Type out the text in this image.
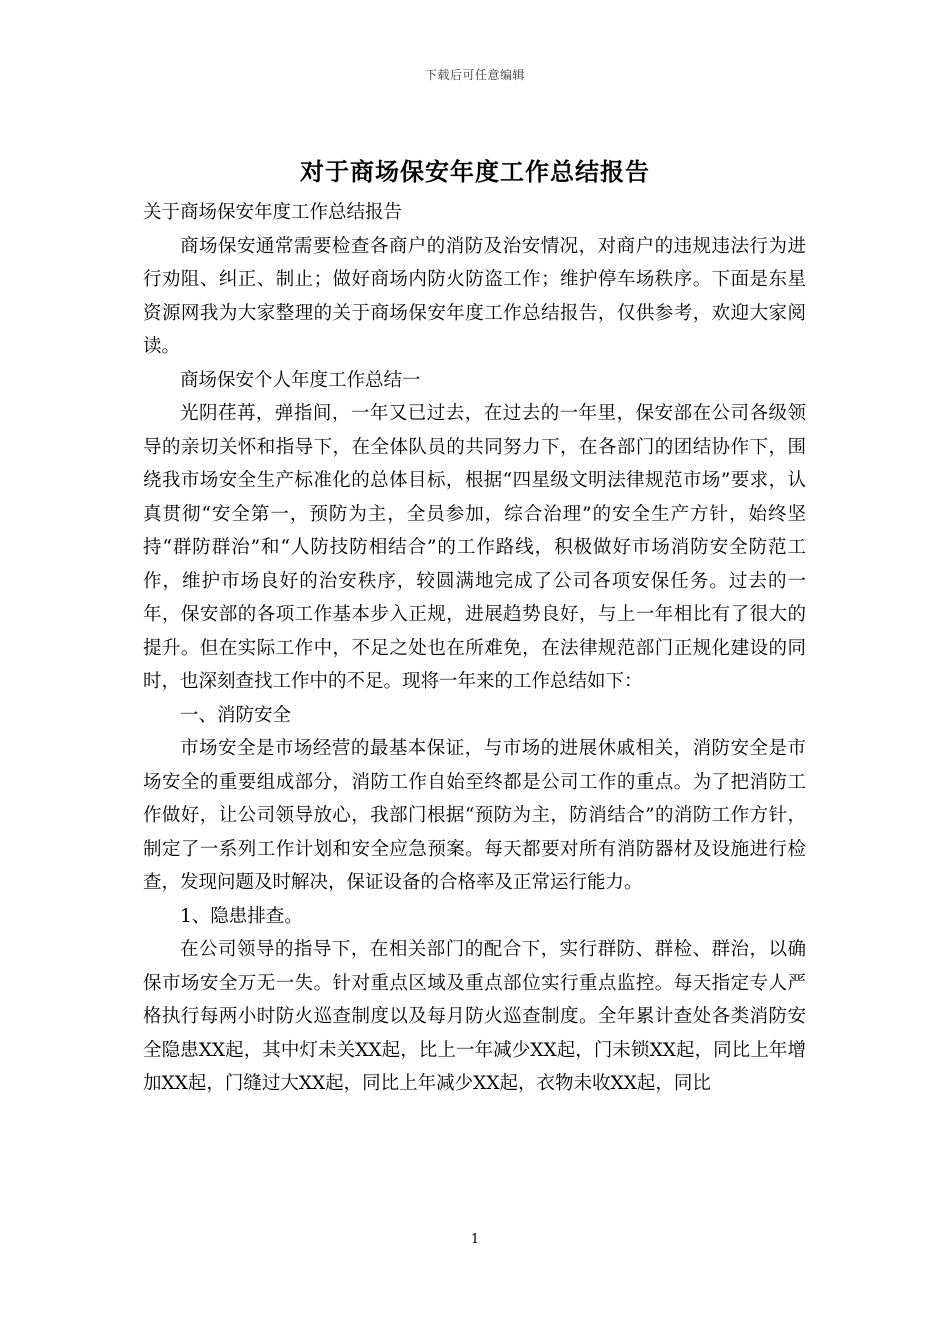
下载后可任意编辑
对于商场保安年度工作总结报告

关于商场保安年度工作总结报告

商场保安通常需要检查各商户的消防及治安情况，对商户的违规违法行为进行劝阻、纠正、制止；做好商场内防火防盗工作；维护停车场秩序。下面是东星资源网我为大家整理的关于商场保安年度工作总结报告，仅供参考，欢迎大家阅读。

商场保安个人年度工作总结一

光阴荏苒，弹指间，一年又已过去，在过去的一年里，保安部在公司各级领导的亲切关怀和指导下，在全体队员的共同努力下，在各部门的团结协作下，围绕我市场安全生产标准化的总体目标，根据“四星级文明法律规范市场”要求，认真贯彻“安全第一，预防为主，全员参加，综合治理”的安全生产方针，始终坚持“群防群治”和“人防技防相结合”的工作路线，积极做好市场消防安全防范工作，维护市场良好的治安秩序，较圆满地完成了公司各项安保任务。过去的一年，保安部的各项工作基本步入正规，进展趋势良好，与上一年相比有了很大的提升。但在实际工作中，不足之处也在所难免，在法律规范部门正规化建设的同时，也深刻查找工作中的不足。现将一年来的工作总结如下：

一、消防安全

市场安全是市场经营的最基本保证，与市场的进展休戚相关，消防安全是市场安全的重要组成部分，消防工作自始至终都是公司工作的重点。为了把消防工作做好，让公司领导放心，我部门根据“预防为主，防消结合”的消防工作方针，制定了一系列工作计划和安全应急预案。每天都要对所有消防器材及设施进行检查，发现问题及时解决，保证设备的合格率及正常运行能力。

1、隐患排查。

在公司领导的指导下，在相关部门的配合下，实行群防、群检、群治，以确保市场安全万无一失。针对重点区域及重点部位实行重点监控。每天指定专人严格执行每两小时防火巡查制度以及每月防火巡查制度。全年累计查处各类消防安全隐患XX起，其中灯未关XX起，比上一年减少XX起，门未锁XX起，同比上年增加XX起，门缝过大XX起，同比上年减少XX起，衣物未收XX起，同比

1
